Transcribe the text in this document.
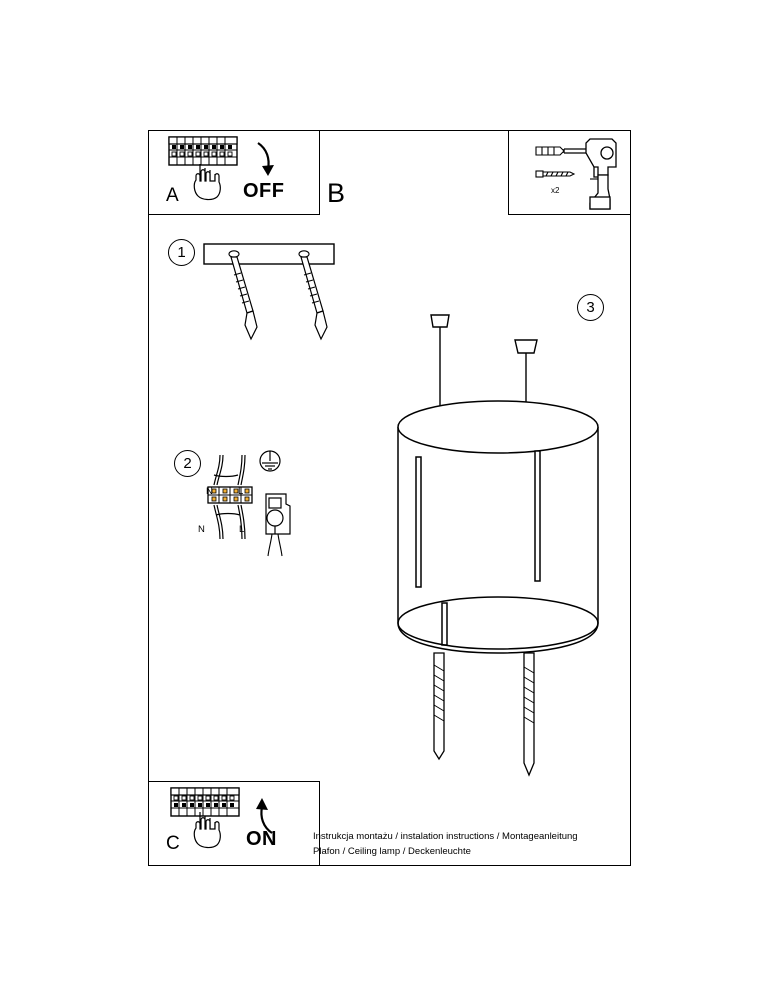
A	OFF B	x2
1
2
N	L
N	L
3
C	ON	Instrukcja montażu / instalation instructions / Montageanleitung
Plafon / Ceiling lamp / Deckenleuchte
